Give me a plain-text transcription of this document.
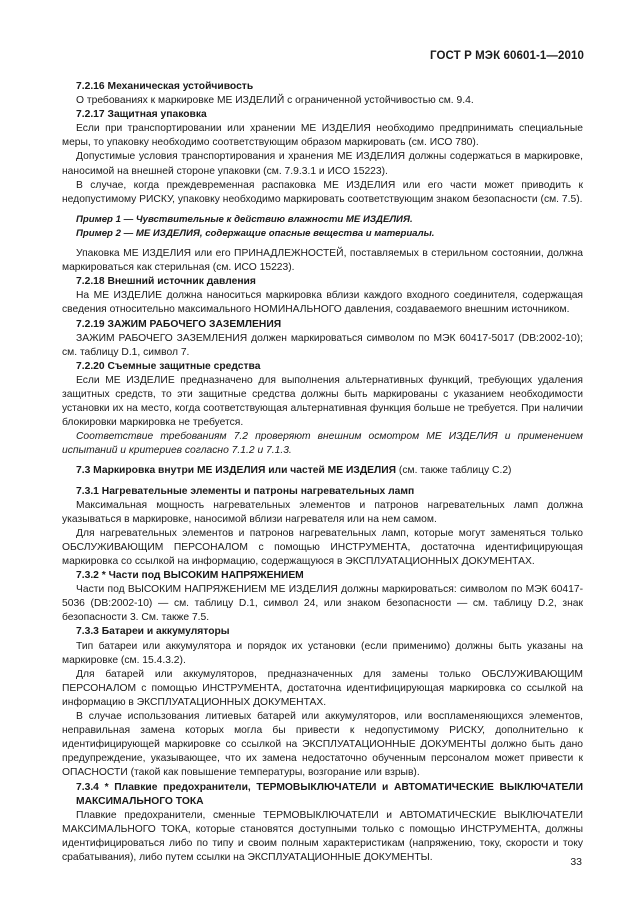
ГОСТ Р МЭК 60601-1—2010

7.2.16 Механическая устойчивость

О требованиях к маркировке МЕ ИЗДЕЛИЙ с ограниченной устойчивостью см. 9.4.

7.2.17 Защитная упаковка

Если при транспортировании или хранении МЕ ИЗДЕЛИЯ необходимо предпринимать специальные меры, то упаковку необходимо соответствующим образом маркировать (см. ИСО 780).

Допустимые условия транспортирования и хранения МЕ ИЗДЕЛИЯ должны содержаться в маркировке, наносимой на внешней стороне упаковки (см. 7.9.3.1 и ИСО 15223).

В случае, когда преждевременная распаковка МЕ ИЗДЕЛИЯ или его части может приводить к недопустимому РИСКУ, упаковку необходимо маркировать соответствующим знаком безопасности (см. 7.5).

Пример 1 — Чувствительные к действию влажности МЕ ИЗДЕЛИЯ.

Пример 2 — МЕ ИЗДЕЛИЯ, содержащие опасные вещества и материалы.

Упаковка МЕ ИЗДЕЛИЯ или его ПРИНАДЛЕЖНОСТЕЙ, поставляемых в стерильном состоянии, должна маркироваться как стерильная (см. ИСО 15223).

7.2.18 Внешний источник давления

На МЕ ИЗДЕЛИЕ должна наноситься маркировка вблизи каждого входного соединителя, содержащая сведения относительно максимального НОМИНАЛЬНОГО давления, создаваемого внешним источником.

7.2.19 ЗАЖИМ РАБОЧЕГО ЗАЗЕМЛЕНИЯ

ЗАЖИМ РАБОЧЕГО ЗАЗЕМЛЕНИЯ должен маркироваться символом по МЭК 60417-5017 (DB:2002-10); см. таблицу D.1, символ 7.

7.2.20 Съемные защитные средства

Если МЕ ИЗДЕЛИЕ предназначено для выполнения альтернативных функций, требующих удаления защитных средств, то эти защитные средства должны быть маркированы с указанием необходимости установки их на место, когда соответствующая альтернативная функция больше не требуется. При наличии блокировки маркировка не требуется.

Соответствие требованиям 7.2 проверяют внешним осмотром МЕ ИЗДЕЛИЯ и применением испытаний и критериев согласно 7.1.2 и 7.1.3.

7.3 Маркировка внутри МЕ ИЗДЕЛИЯ или частей МЕ ИЗДЕЛИЯ (см. также таблицу С.2)

7.3.1 Нагревательные элементы и патроны нагревательных ламп

Максимальная мощность нагревательных элементов и патронов нагревательных ламп должна указываться в маркировке, наносимой вблизи нагревателя или на нем самом.

Для нагревательных элементов и патронов нагревательных ламп, которые могут заменяться только ОБСЛУЖИВАЮЩИМ ПЕРСОНАЛОМ с помощью ИНСТРУМЕНТА, достаточна идентифицирующая маркировка со ссылкой на информацию, содержащуюся в ЭКСПЛУАТАЦИОННЫХ ДОКУМЕНТАХ.

7.3.2 * Части под ВЫСОКИМ НАПРЯЖЕНИЕМ

Части под ВЫСОКИМ НАПРЯЖЕНИЕМ МЕ ИЗДЕЛИЯ должны маркироваться: символом по МЭК 60417-5036 (DB:2002-10) — см. таблицу D.1, символ 24, или знаком безопасности — см. таблицу D.2, знак безопасности 3. См. также 7.5.

7.3.3 Батареи и аккумуляторы

Тип батареи или аккумулятора и порядок их установки (если применимо) должны быть указаны на маркировке (см. 15.4.3.2).

Для батарей или аккумуляторов, предназначенных для замены только ОБСЛУЖИВАЮЩИМ ПЕРСОНАЛОМ с помощью ИНСТРУМЕНТА, достаточна идентифицирующая маркировка со ссылкой на информацию в ЭКСПЛУАТАЦИОННЫХ ДОКУМЕНТАХ.

В случае использования литиевых батарей или аккумуляторов, или воспламеняющихся элементов, неправильная замена которых могла бы привести к недопустимому РИСКУ, дополнительно к идентифицирующей маркировке со ссылкой на ЭКСПЛУАТАЦИОННЫЕ ДОКУМЕНТЫ должно быть дано предупреждение, указывающее, что их замена недостаточно обученным персоналом может привести к ОПАСНОСТИ (такой как повышение температуры, возгорание или взрыв).

7.3.4 * Плавкие предохранители, ТЕРМОВЫКЛЮЧАТЕЛИ и АВТОМАТИЧЕСКИЕ ВЫКЛЮЧАТЕЛИ МАКСИМАЛЬНОГО ТОКА

Плавкие предохранители, сменные ТЕРМОВЫКЛЮЧАТЕЛИ и АВТОМАТИЧЕСКИЕ ВЫКЛЮЧАТЕЛИ МАКСИМАЛЬНОГО ТОКА, которые становятся доступными только с помощью ИНСТРУМЕНТА, должны идентифицироваться либо по типу и своим полным характеристикам (напряжению, току, скорости и току срабатывания), либо путем ссылки на ЭКСПЛУАТАЦИОННЫЕ ДОКУМЕНТЫ.	33
